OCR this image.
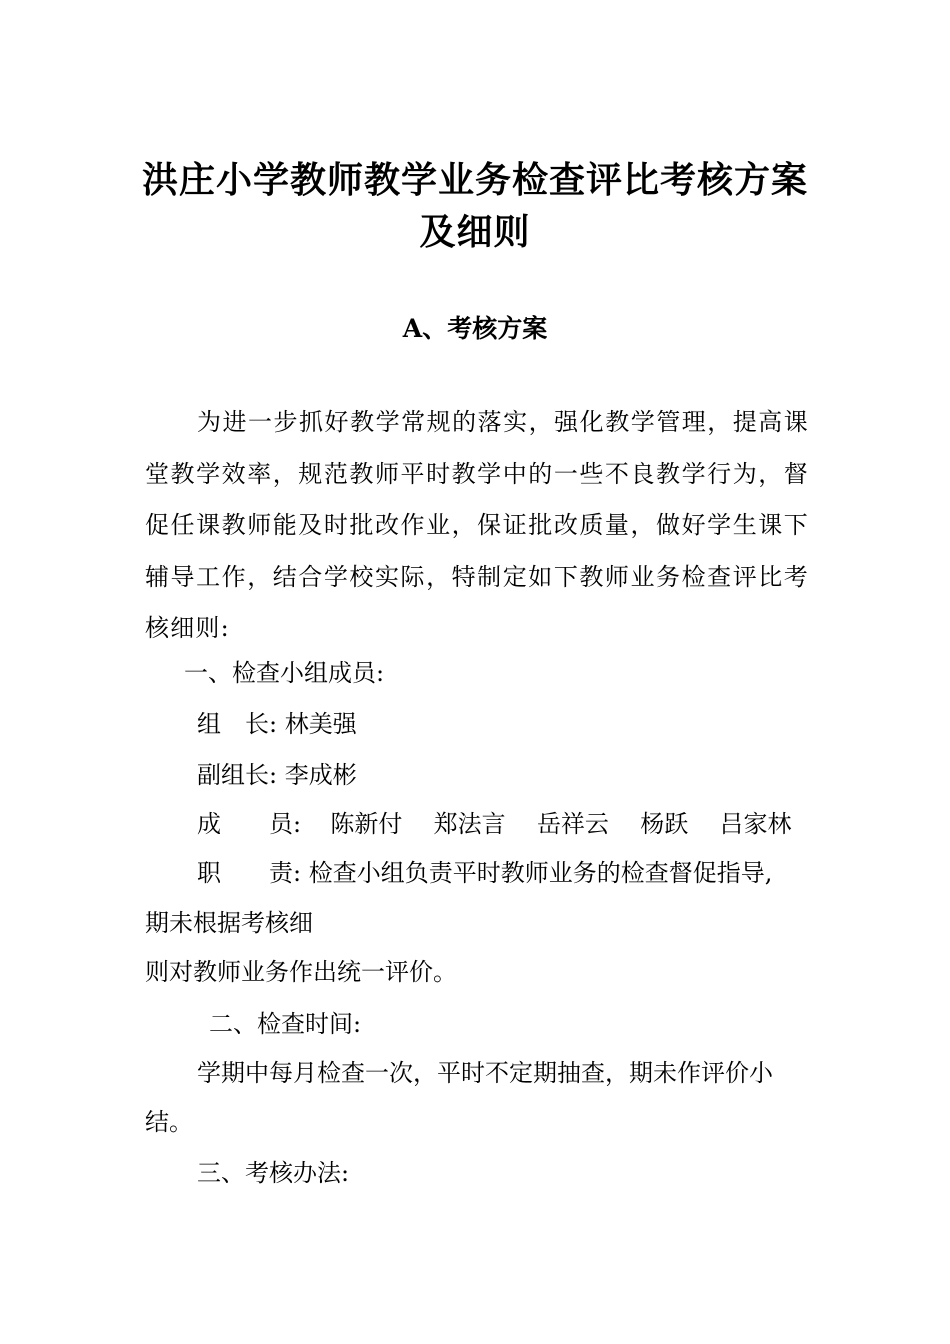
洪庄小学教师教学业务检查评比考核方案
及细则
A、考核方案
为进一步抓好教学常规的落实，强化教学管理，提高课堂教学效率，规范教师平时教学中的一些不良教学行为，督促任课教师能及时批改作业，保证批改质量，做好学生课下辅导工作，结合学校实际，特制定如下教师业务检查评比考核细则:
一、检查小组成员:
组　长: 林美强
副组长: 李成彬
成　　员: 陈新付 郑法言 岳祥云 杨跃 吕家林
职　　责: 检查小组负责平时教师业务的检查督促指导,
期未根据考核细
则对教师业务作出统一评价。
二、检查时间:
学期中每月检查一次，平时不定期抽查，期未作评价小
结。
三、考核办法:
